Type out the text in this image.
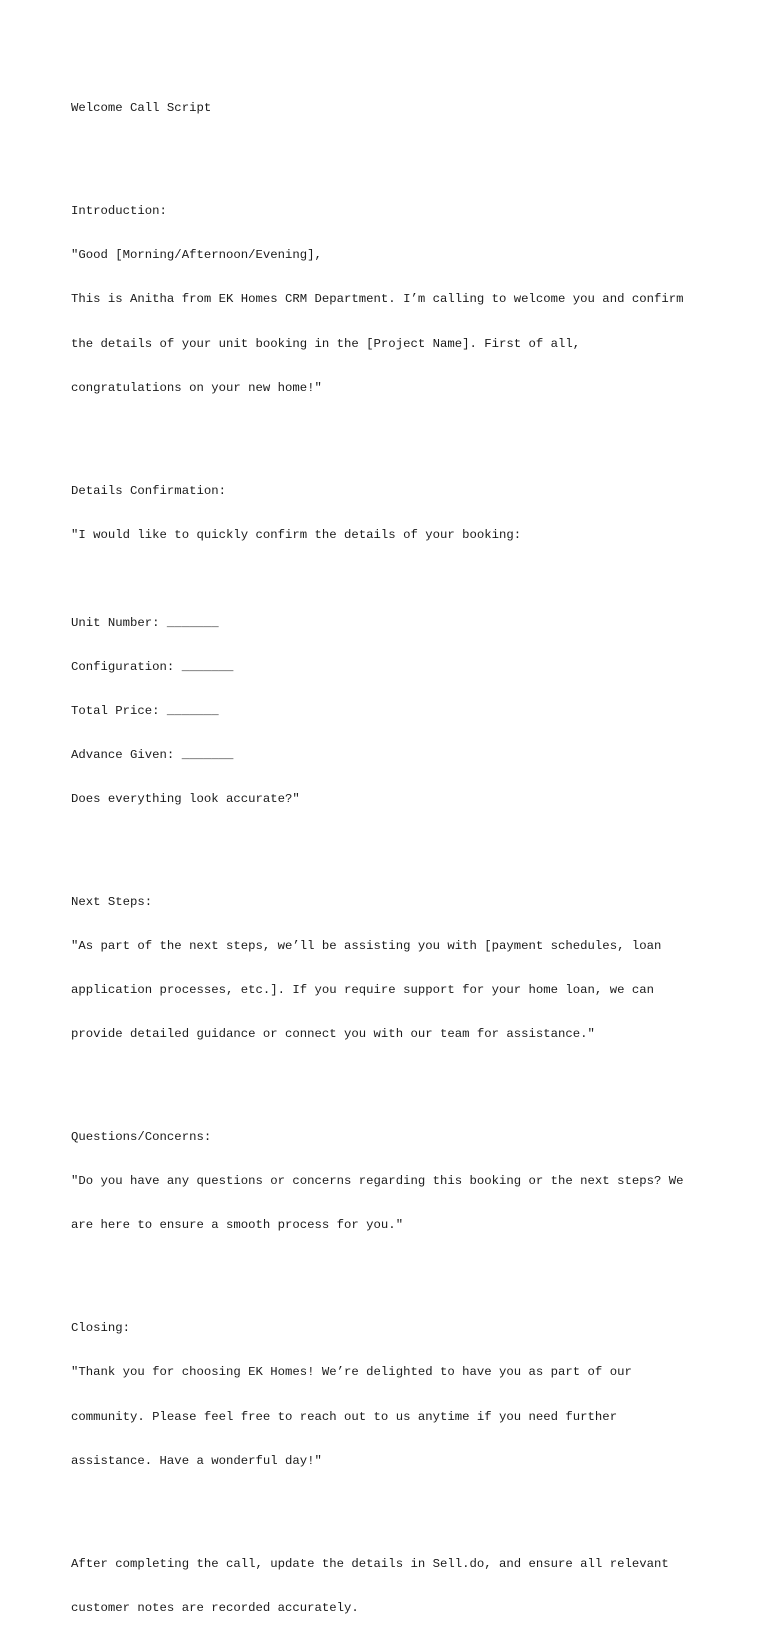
Welcome Call Script

Introduction:

"Good [Morning/Afternoon/Evening],

This is Anitha from EK Homes CRM Department. I’m calling to welcome you and confirm

the details of your unit booking in the [Project Name]. First of all,

congratulations on your new home!"

Details Confirmation:

"I would like to quickly confirm the details of your booking:

Unit Number: _______

Configuration: _______

Total Price: _______

Advance Given: _______

Does everything look accurate?"

Next Steps:

"As part of the next steps, we’ll be assisting you with [payment schedules, loan

application processes, etc.]. If you require support for your home loan, we can

provide detailed guidance or connect you with our team for assistance."

Questions/Concerns:

"Do you have any questions or concerns regarding this booking or the next steps? We

are here to ensure a smooth process for you."

Closing:

"Thank you for choosing EK Homes! We’re delighted to have you as part of our

community. Please feel free to reach out to us anytime if you need further

assistance. Have a wonderful day!"

After completing the call, update the details in Sell.do, and ensure all relevant

customer notes are recorded accurately.
